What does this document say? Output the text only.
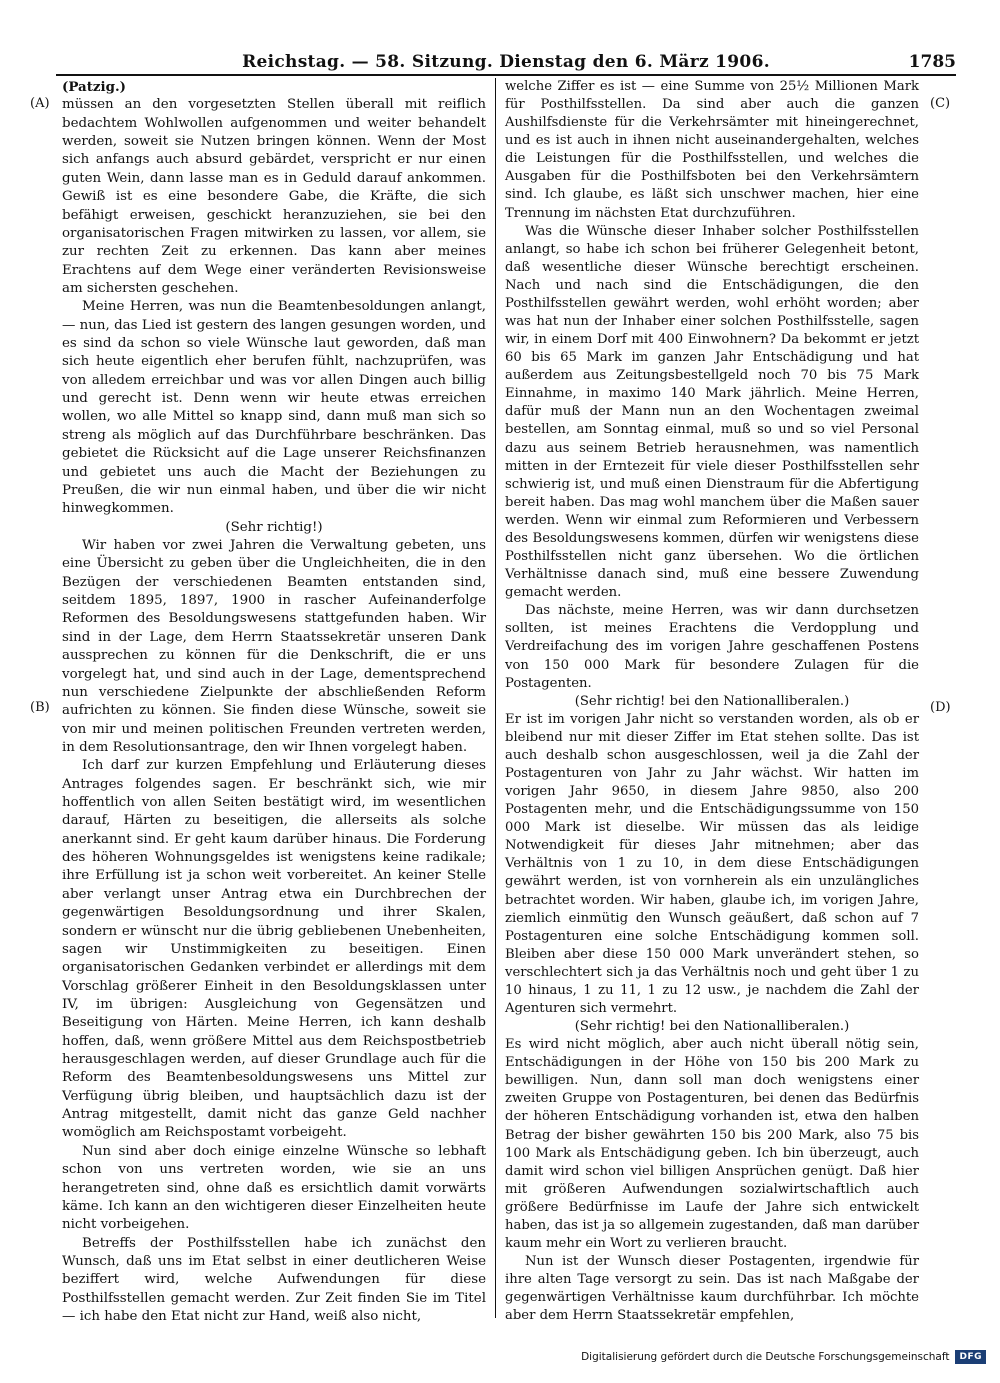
Reichstag. — 58. Sitzung. Dienstag den 6. März 1906.	1785
(A)
(B)
(C)
(D)

(Patzig.)

müssen an den vorgesetzten Stellen überall mit reiflich bedachtem Wohlwollen aufgenommen und weiter behandelt werden, soweit sie Nutzen bringen können. Wenn der Most sich anfangs auch absurd gebärdet, verspricht er nur einen guten Wein, dann lasse man es in Geduld darauf ankommen. Gewiß ist es eine besondere Gabe, die Kräfte, die sich befähigt erweisen, geschickt heranzuziehen, sie bei den organisatorischen Fragen mitwirken zu lassen, vor allem, sie zur rechten Zeit zu erkennen. Das kann aber meines Erachtens auf dem Wege einer veränderten Revisionsweise am sichersten geschehen.

Meine Herren, was nun die Beamtenbesoldungen anlangt, — nun, das Lied ist gestern des langen gesungen worden, und es sind da schon so viele Wünsche laut geworden, daß man sich heute eigentlich eher berufen fühlt, nachzuprüfen, was von alledem erreichbar und was vor allen Dingen auch billig und gerecht ist. Denn wenn wir heute etwas erreichen wollen, wo alle Mittel so knapp sind, dann muß man sich so streng als möglich auf das Durchführbare beschränken. Das gebietet die Rücksicht auf die Lage unserer Reichsfinanzen und gebietet uns auch die Macht der Beziehungen zu Preußen, die wir nun einmal haben, und über die wir nicht hinwegkommen.

(Sehr richtig!)

Wir haben vor zwei Jahren die Verwaltung gebeten, uns eine Übersicht zu geben über die Ungleichheiten, die in den Bezügen der verschiedenen Beamten entstanden sind, seitdem 1895, 1897, 1900 in rascher Aufeinanderfolge Reformen des Besoldungswesens stattgefunden haben. Wir sind in der Lage, dem Herrn Staatssekretär unseren Dank aussprechen zu können für die Denkschrift, die er uns vorgelegt hat, und sind auch in der Lage, dementsprechend nun verschiedene Zielpunkte der abschließenden Reform aufrichten zu können. Sie finden diese Wünsche, soweit sie von mir und meinen politischen Freunden vertreten werden, in dem Resolutionsantrage, den wir Ihnen vorgelegt haben.

Ich darf zur kurzen Empfehlung und Erläuterung dieses Antrages folgendes sagen. Er beschränkt sich, wie mir hoffentlich von allen Seiten bestätigt wird, im wesentlichen darauf, Härten zu beseitigen, die allerseits als solche anerkannt sind. Er geht kaum darüber hinaus. Die Forderung des höheren Wohnungsgeldes ist wenigstens keine radikale; ihre Erfüllung ist ja schon weit vorbereitet. An keiner Stelle aber verlangt unser Antrag etwa ein Durchbrechen der gegenwärtigen Besoldungsordnung und ihrer Skalen, sondern er wünscht nur die übrig gebliebenen Unebenheiten, sagen wir Unstimmigkeiten zu beseitigen. Einen organisatorischen Gedanken verbindet er allerdings mit dem Vorschlag größerer Einheit in den Besoldungsklassen unter IV, im übrigen: Ausgleichung von Gegensätzen und Beseitigung von Härten. Meine Herren, ich kann deshalb hoffen, daß, wenn größere Mittel aus dem Reichspostbetrieb herausgeschlagen werden, auf dieser Grundlage auch für die Reform des Beamtenbesoldungswesens uns Mittel zur Verfügung übrig bleiben, und hauptsächlich dazu ist der Antrag mitgestellt, damit nicht das ganze Geld nachher womöglich am Reichspostamt vorbeigeht.

Nun sind aber doch einige einzelne Wünsche so lebhaft schon von uns vertreten worden, wie sie an uns herangetreten sind, ohne daß es ersichtlich damit vorwärts käme. Ich kann an den wichtigeren dieser Einzelheiten heute nicht vorbeigehen.

Betreffs der Posthilfsstellen habe ich zunächst den Wunsch, daß uns im Etat selbst in einer deutlicheren Weise beziffert wird, welche Aufwendungen für diese Posthilfsstellen gemacht werden. Zur Zeit finden Sie im Titel — ich habe den Etat nicht zur Hand, weiß also nicht,

welche Ziffer es ist — eine Summe von 25½ Millionen Mark für Posthilfsstellen. Da sind aber auch die ganzen Aushilfsdienste für die Verkehrsämter mit hineingerechnet, und es ist auch in ihnen nicht auseinandergehalten, welches die Leistungen für die Posthilfsstellen, und welches die Ausgaben für die Posthilfsboten bei den Verkehrsämtern sind. Ich glaube, es läßt sich unschwer machen, hier eine Trennung im nächsten Etat durchzuführen.

Was die Wünsche dieser Inhaber solcher Posthilfsstellen anlangt, so habe ich schon bei früherer Gelegenheit betont, daß wesentliche dieser Wünsche berechtigt erscheinen. Nach und nach sind die Entschädigungen, die den Posthilfsstellen gewährt werden, wohl erhöht worden; aber was hat nun der Inhaber einer solchen Posthilfsstelle, sagen wir, in einem Dorf mit 400 Einwohnern? Da bekommt er jetzt 60 bis 65 Mark im ganzen Jahr Entschädigung und hat außerdem aus Zeitungsbestellgeld noch 70 bis 75 Mark Einnahme, in maximo 140 Mark jährlich. Meine Herren, dafür muß der Mann nun an den Wochentagen zweimal bestellen, am Sonntag einmal, muß so und so viel Personal dazu aus seinem Betrieb herausnehmen, was namentlich mitten in der Erntezeit für viele dieser Posthilfsstellen sehr schwierig ist, und muß einen Dienstraum für die Abfertigung bereit haben. Das mag wohl manchem über die Maßen sauer werden. Wenn wir einmal zum Reformieren und Verbessern des Besoldungswesens kommen, dürfen wir wenigstens diese Posthilfsstellen nicht ganz übersehen. Wo die örtlichen Verhältnisse danach sind, muß eine bessere Zuwendung gemacht werden.

Das nächste, meine Herren, was wir dann durchsetzen sollten, ist meines Erachtens die Verdopplung und Verdreifachung des im vorigen Jahre geschaffenen Postens von 150 000 Mark für besondere Zulagen für die Postagenten.

(Sehr richtig! bei den Nationalliberalen.)

Er ist im vorigen Jahr nicht so verstanden worden, als ob er bleibend nur mit dieser Ziffer im Etat stehen sollte. Das ist auch deshalb schon ausgeschlossen, weil ja die Zahl der Postagenturen von Jahr zu Jahr wächst. Wir hatten im vorigen Jahr 9650, in diesem Jahre 9850, also 200 Postagenten mehr, und die Entschädigungssumme von 150 000 Mark ist dieselbe. Wir müssen das als leidige Notwendigkeit für dieses Jahr mitnehmen; aber das Verhältnis von 1 zu 10, in dem diese Entschädigungen gewährt werden, ist von vornherein als ein unzulängliches betrachtet worden. Wir haben, glaube ich, im vorigen Jahre, ziemlich einmütig den Wunsch geäußert, daß schon auf 7 Postagenturen eine solche Entschädigung kommen soll. Bleiben aber diese 150 000 Mark unverändert stehen, so verschlechtert sich ja das Verhältnis noch und geht über 1 zu 10 hinaus, 1 zu 11, 1 zu 12 usw., je nachdem die Zahl der Agenturen sich vermehrt.

(Sehr richtig! bei den Nationalliberalen.)

Es wird nicht möglich, aber auch nicht überall nötig sein, Entschädigungen in der Höhe von 150 bis 200 Mark zu bewilligen. Nun, dann soll man doch wenigstens einer zweiten Gruppe von Postagenturen, bei denen das Bedürfnis der höheren Entschädigung vorhanden ist, etwa den halben Betrag der bisher gewährten 150 bis 200 Mark, also 75 bis 100 Mark als Entschädigung geben. Ich bin überzeugt, auch damit wird schon viel billigen Ansprüchen genügt. Daß hier mit größeren Aufwendungen sozialwirtschaftlich auch größere Bedürfnisse im Laufe der Jahre sich entwickelt haben, das ist ja so allgemein zugestanden, daß man darüber kaum mehr ein Wort zu verlieren braucht.

Nun ist der Wunsch dieser Postagenten, irgendwie für ihre alten Tage versorgt zu sein. Das ist nach Maßgabe der gegenwärtigen Verhältnisse kaum durchführbar. Ich möchte aber dem Herrn Staatssekretär empfehlen,

Digitalisierung gefördert durch die Deutsche Forschungsgemeinschaft	DFG
